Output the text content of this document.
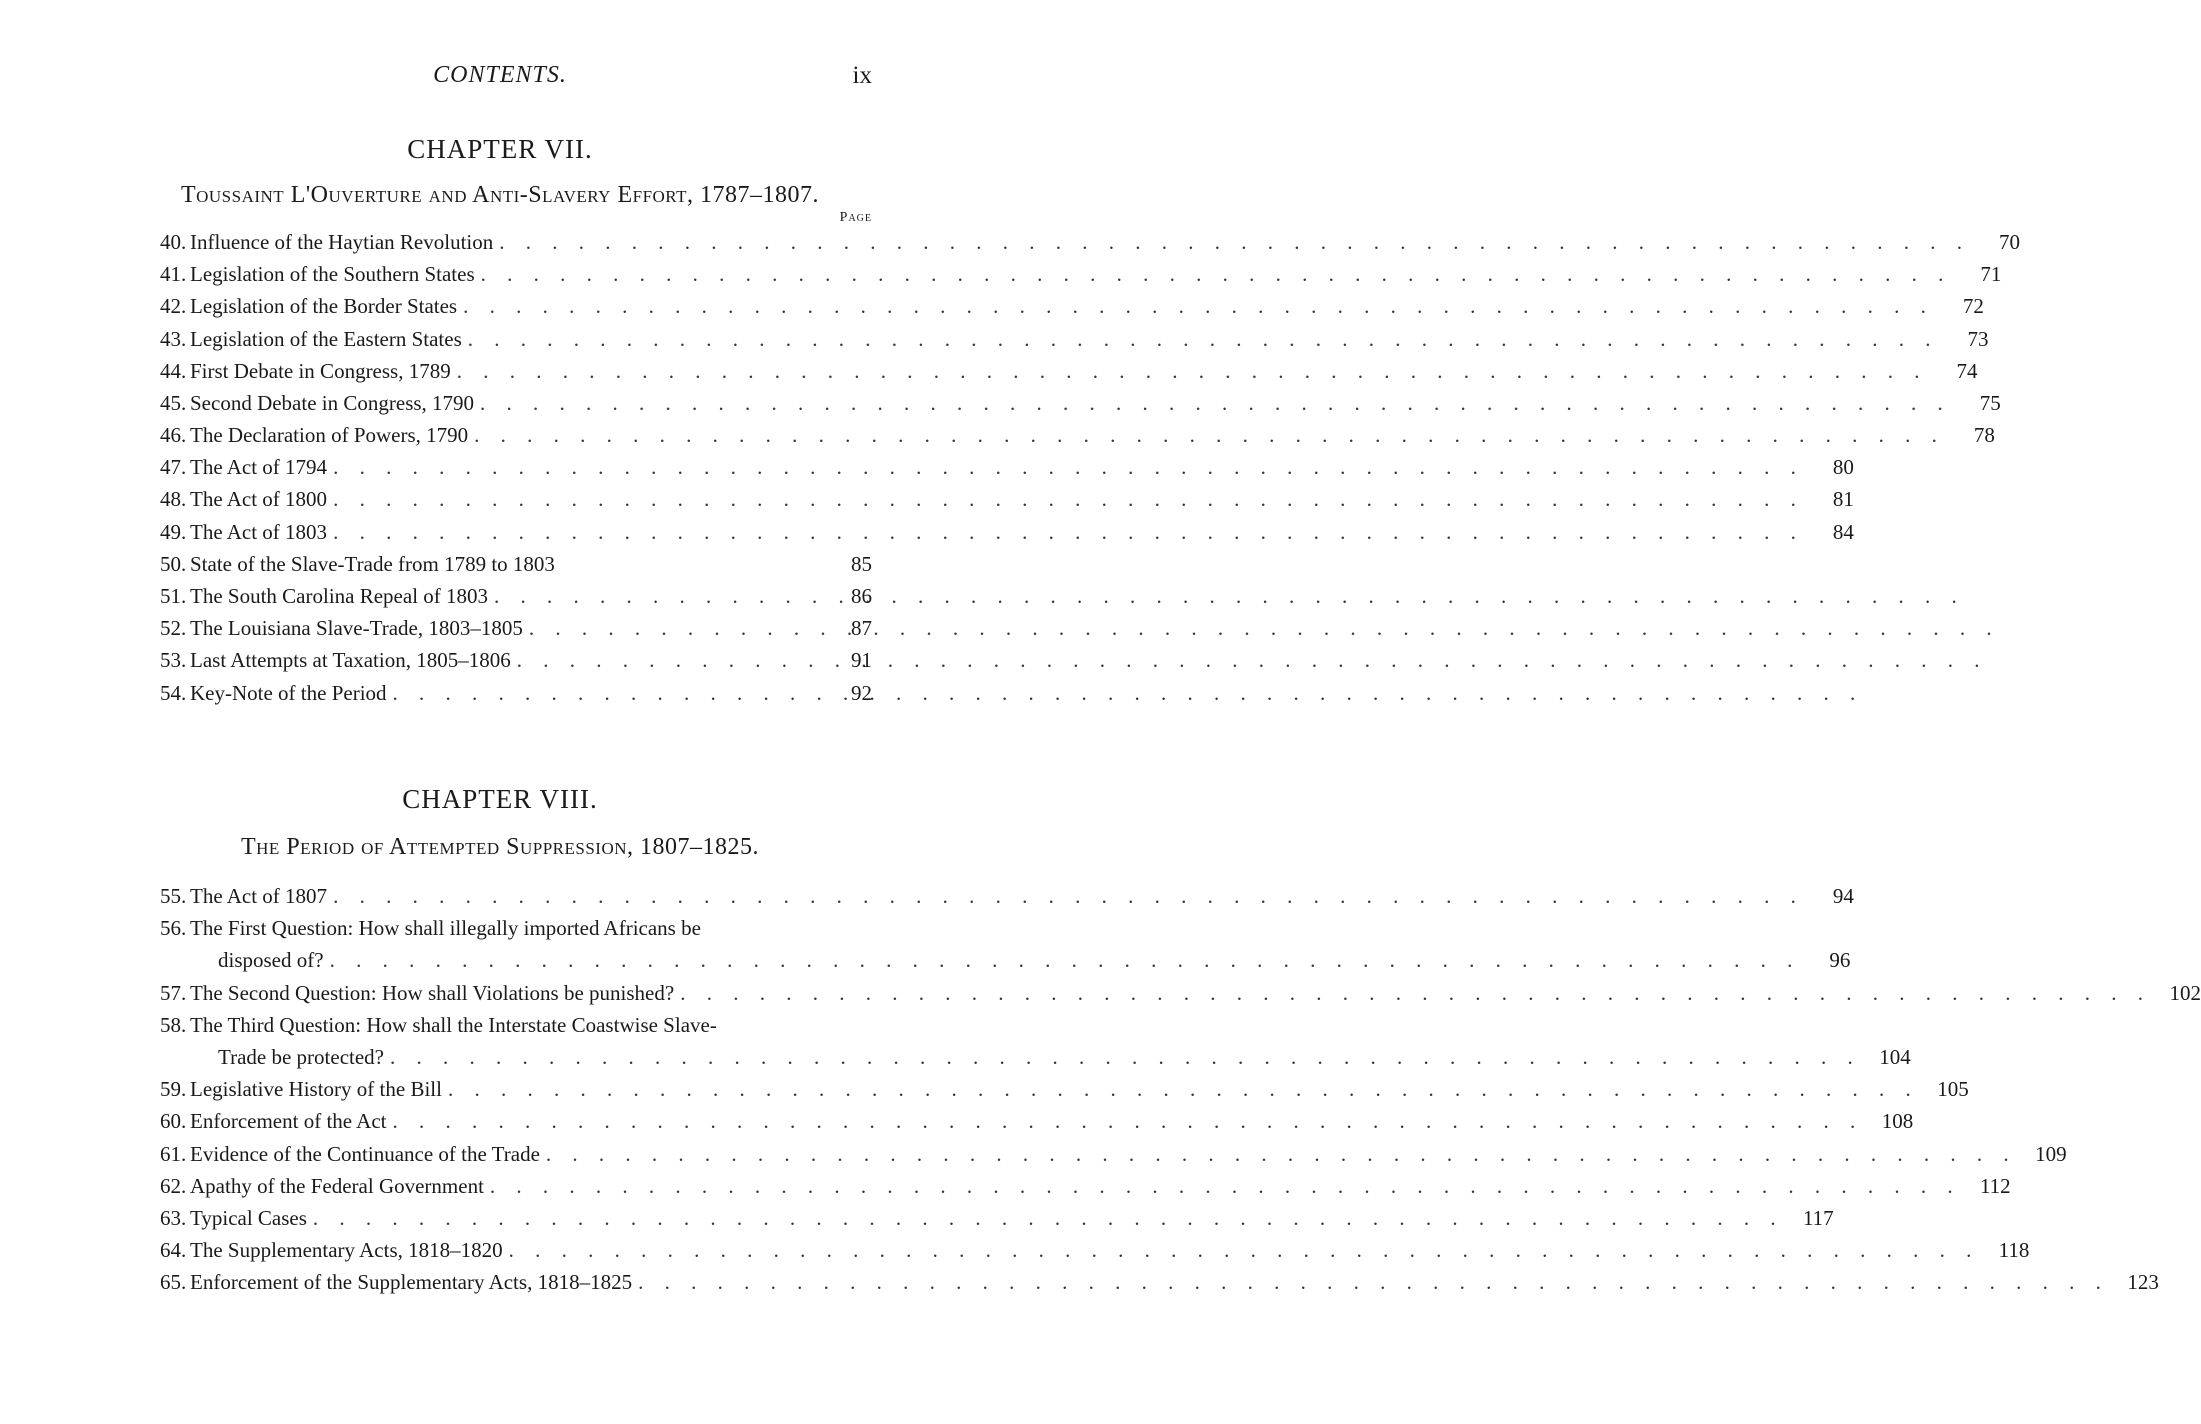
CONTENTS.	ix
CHAPTER VII.
Toussaint L'Ouverture and Anti-Slavery Effort, 1787–1807.
Page
40. Influence of the Haytian Revolution . . .	70
41. Legislation of the Southern States . . .	71
42. Legislation of the Border States . . .	72
43. Legislation of the Eastern States . . .	73
44. First Debate in Congress, 1789 . . .	74
45. Second Debate in Congress, 1790 . . .	75
46. The Declaration of Powers, 1790 . . .	78
47. The Act of 1794 . . .	80
48. The Act of 1800 . . .	81
49. The Act of 1803 . . .	84
50. State of the Slave-Trade from 1789 to 1803	85
51. The South Carolina Repeal of 1803 . . .	86
52. The Louisiana Slave-Trade, 1803–1805 . . .	87
53. Last Attempts at Taxation, 1805–1806 . . .	91
54. Key-Note of the Period . . .	92
CHAPTER VIII.
The Period of Attempted Suppression, 1807–1825.
55. The Act of 1807 . . .	94
56. The First Question: How shall illegally imported Africans be
disposed of? . . .	96
57. The Second Question: How shall Violations be punished? . . .	102
58. The Third Question: How shall the Interstate Coastwise Slave-
Trade be protected? . . .	104
59. Legislative History of the Bill . . .	105
60. Enforcement of the Act . . .	108
61. Evidence of the Continuance of the Trade . . .	109
62. Apathy of the Federal Government . . .	112
63. Typical Cases . . .	117
64. The Supplementary Acts, 1818–1820 . . .	118
65. Enforcement of the Supplementary Acts, 1818–1825 . . .	123
